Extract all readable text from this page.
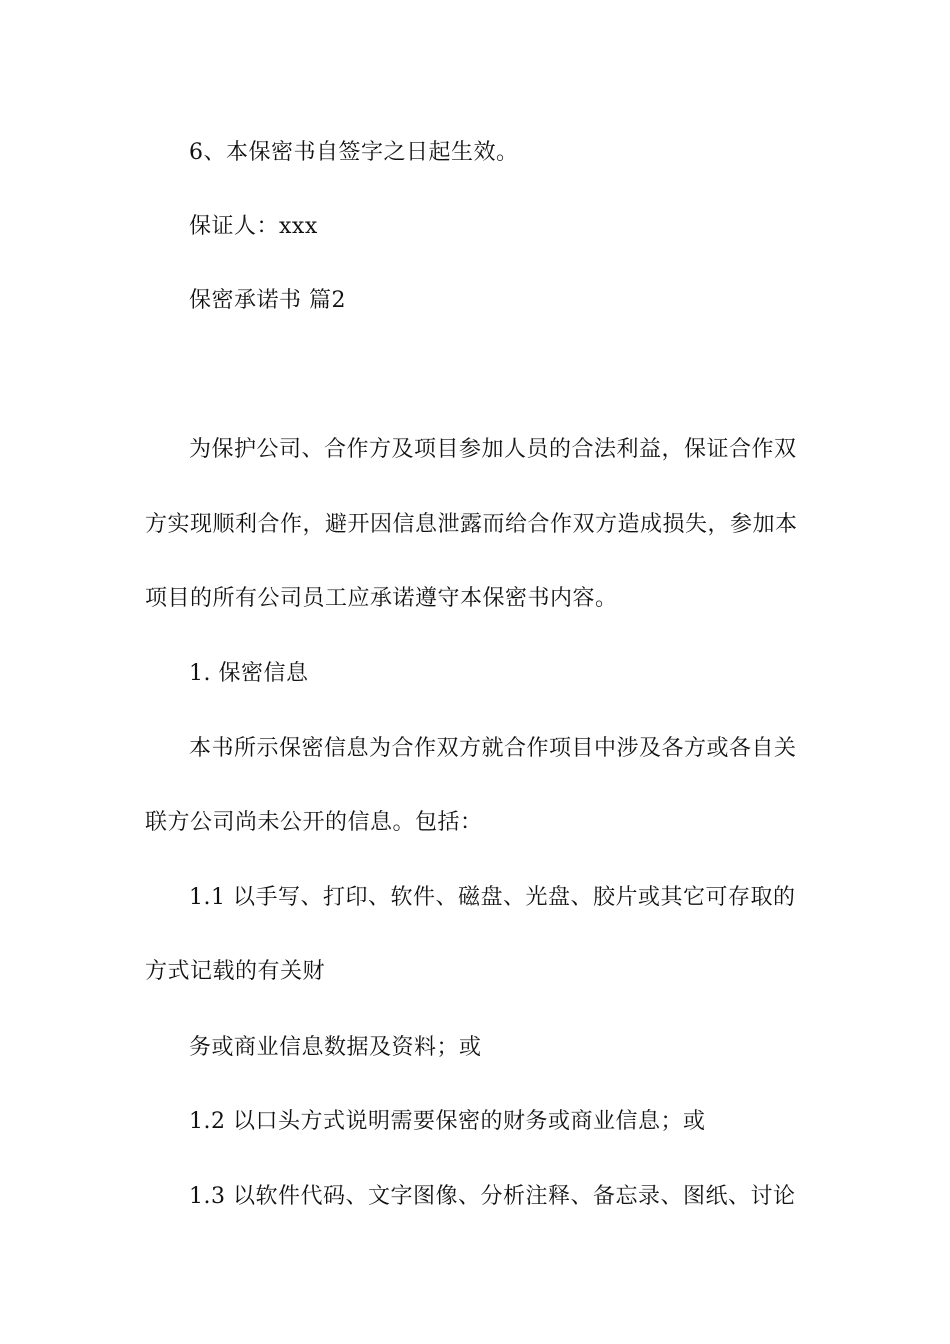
6、本保密书自签字之日起生效。
保证人：xxx
保密承诺书 篇2
为保护公司、合作方及项目参加人员的合法利益，保证合作双
方实现顺利合作，避开因信息泄露而给合作双方造成损失，参加本
项目的所有公司员工应承诺遵守本保密书内容。
1. 保密信息
本书所示保密信息为合作双方就合作项目中涉及各方或各自关
联方公司尚未公开的信息。包括：
1.1 以手写、打印、软件、磁盘、光盘、胶片或其它可存取的
方式记载的有关财
务或商业信息数据及资料；或
1.2 以口头方式说明需要保密的财务或商业信息；或
1.3 以软件代码、文字图像、分析注释、备忘录、图纸、讨论
